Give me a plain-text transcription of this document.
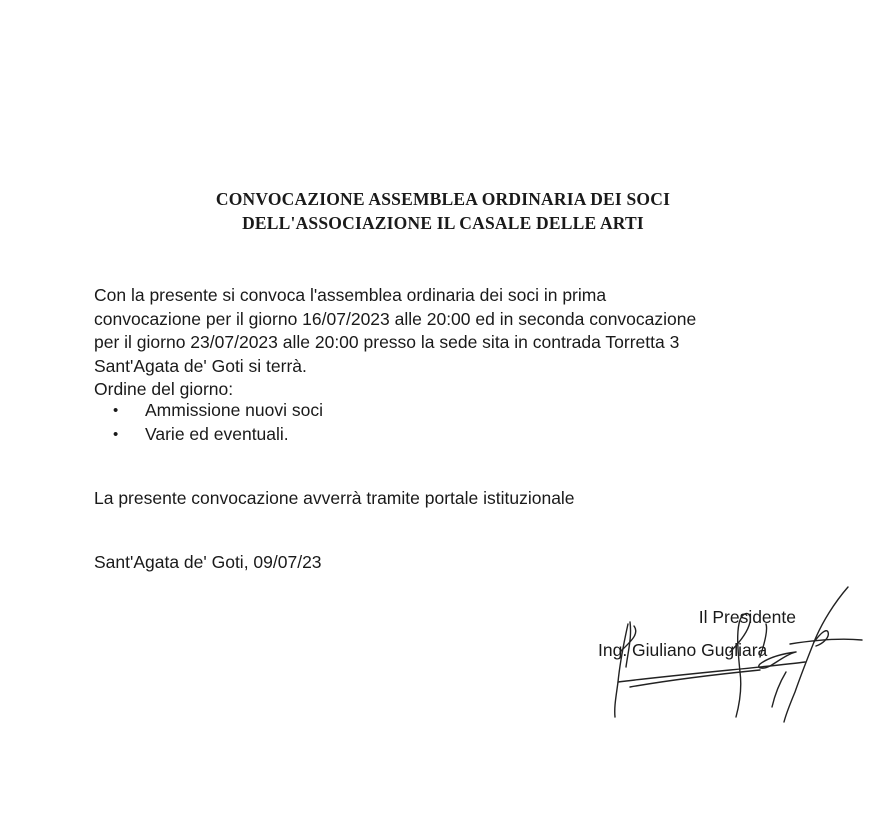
CONVOCAZIONE ASSEMBLEA ORDINARIA DEI SOCI
DELL'ASSOCIAZIONE IL CASALE DELLE ARTI
Con la presente si convoca l'assemblea ordinaria dei soci in prima
convocazione per il giorno 16/07/2023 alle 20:00 ed in seconda convocazione
per il giorno 23/07/2023 alle 20:00 presso la sede sita in contrada Torretta 3
Sant'Agata de' Goti si terrà.
Ordine del giorno:
• Ammissione nuovi soci
• Varie ed eventuali.
La presente convocazione avverrà tramite portale istituzionale
Sant'Agata de' Goti, 09/07/23
Il Presidente
Ing. Giuliano Gugliara
